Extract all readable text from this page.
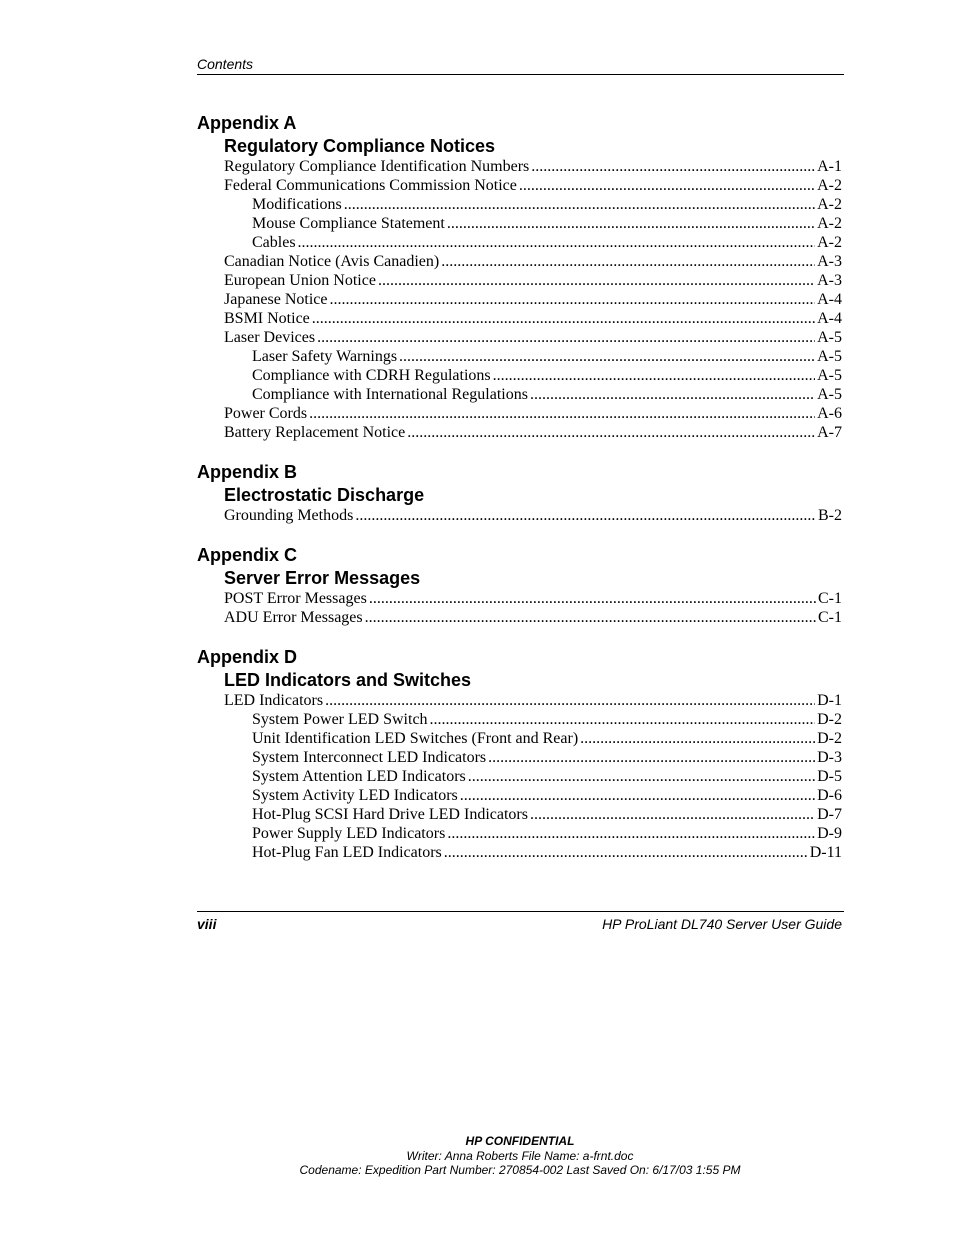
Contents
Appendix A
Regulatory Compliance Notices
Regulatory Compliance Identification Numbers .....	A-1
Federal Communications Commission Notice .....	A-2
Modifications .....	A-2
Mouse Compliance Statement .....	A-2
Cables .....	A-2
Canadian Notice (Avis Canadien) .....	A-3
European Union Notice .....	A-3
Japanese Notice .....	A-4
BSMI Notice .....	A-4
Laser Devices .....	A-5
Laser Safety Warnings .....	A-5
Compliance with CDRH Regulations .....	A-5
Compliance with International Regulations .....	A-5
Power Cords .....	A-6
Battery Replacement Notice .....	A-7
Appendix B
Electrostatic Discharge
Grounding Methods .....	B-2
Appendix C
Server Error Messages
POST Error Messages .....	C-1
ADU Error Messages .....	C-1
Appendix D
LED Indicators and Switches
LED Indicators .....	D-1
System Power LED Switch .....	D-2
Unit Identification LED Switches (Front and Rear) .....	D-2
System Interconnect LED Indicators .....	D-3
System Attention LED Indicators .....	D-5
System Activity LED Indicators .....	D-6
Hot-Plug SCSI Hard Drive LED Indicators .....	D-7
Power Supply LED Indicators .....	D-9
Hot-Plug Fan LED Indicators .....	D-11
viii	HP ProLiant DL740 Server User Guide
HP CONFIDENTIAL
Writer: Anna Roberts File Name: a-frnt.doc
Codename: Expedition Part Number: 270854-002 Last Saved On: 6/17/03 1:55 PM
